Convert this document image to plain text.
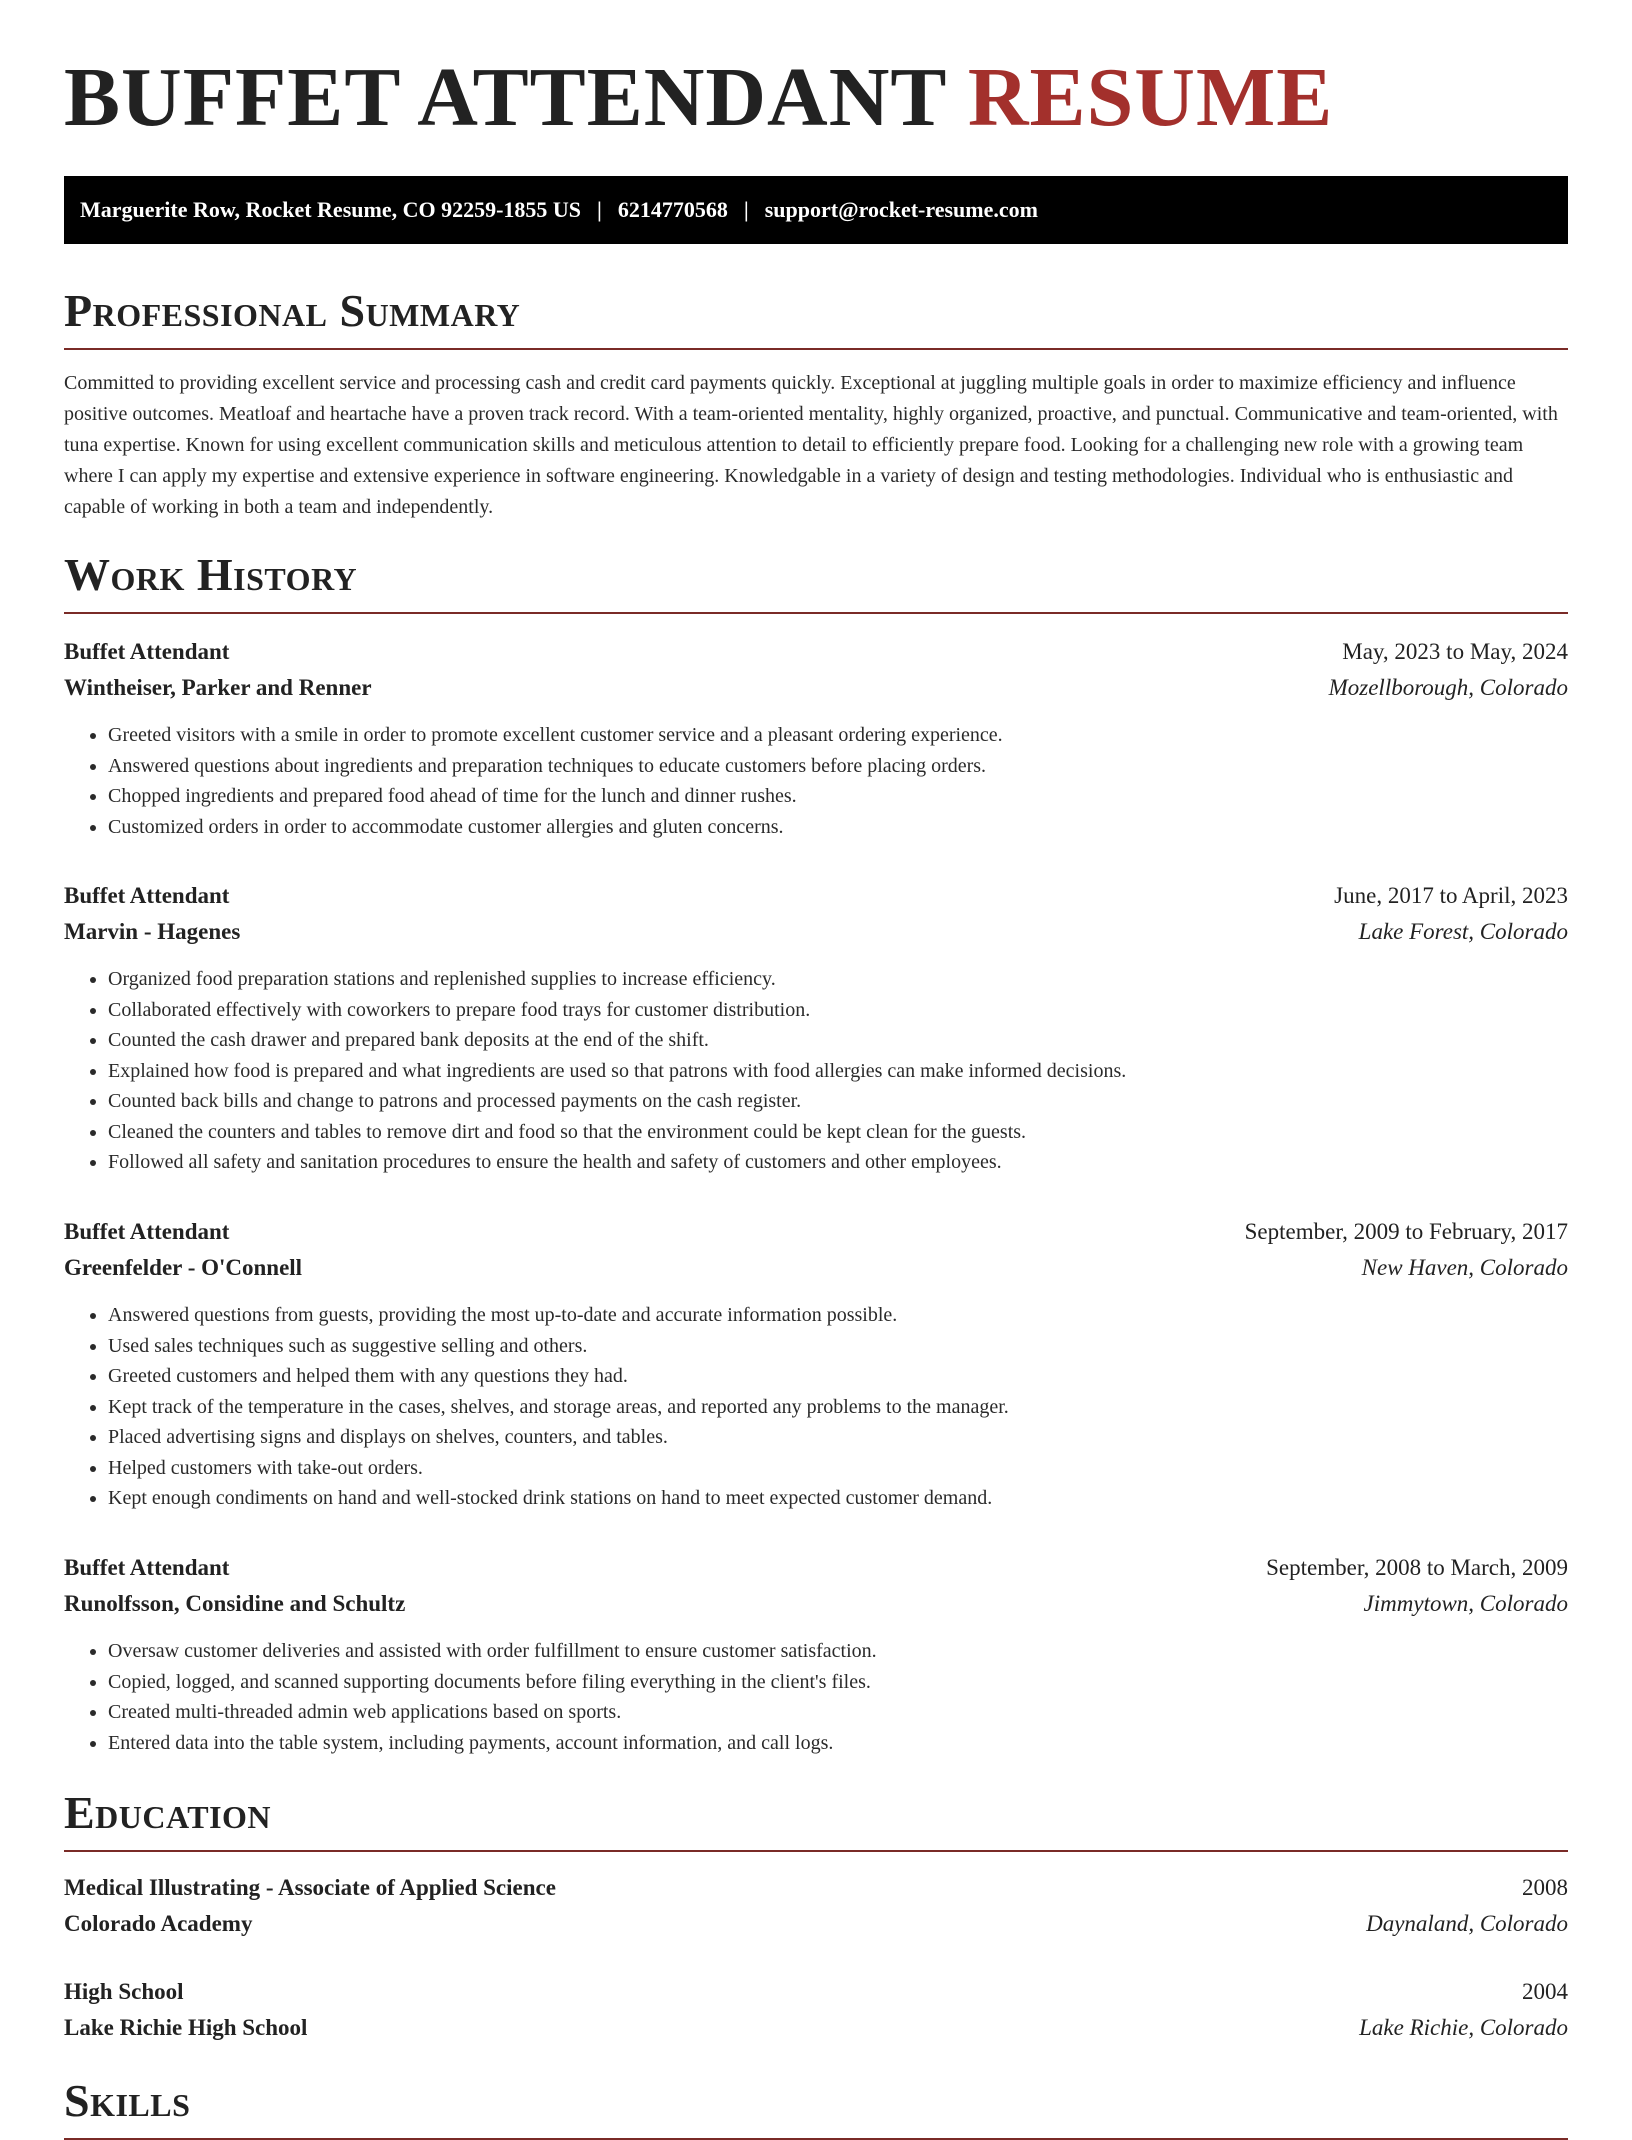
BUFFET ATTENDANT RESUME
Marguerite Row, Rocket Resume, CO 92259-1855 US | 6214770568 | support@rocket-resume.com
Professional Summary

Committed to providing excellent service and processing cash and credit card payments quickly. Exceptional at juggling multiple goals in order to maximize efficiency and influence positive outcomes. Meatloaf and heartache have a proven track record. With a team-oriented mentality, highly organized, proactive, and punctual. Communicative and team-oriented, with tuna expertise. Known for using excellent communication skills and meticulous attention to detail to efficiently prepare food. Looking for a challenging new role with a growing team where I can apply my expertise and extensive experience in software engineering. Knowledgable in a variety of design and testing methodologies. Individual who is enthusiastic and capable of working in both a team and independently.

Work History
Buffet Attendant	May, 2023 to May, 2024
Wintheiser, Parker and Renner	Mozellborough, Colorado
• Greeted visitors with a smile in order to promote excellent customer service and a pleasant ordering experience.
• Answered questions about ingredients and preparation techniques to educate customers before placing orders.
• Chopped ingredients and prepared food ahead of time for the lunch and dinner rushes.
• Customized orders in order to accommodate customer allergies and gluten concerns.
Buffet Attendant	June, 2017 to April, 2023
Marvin - Hagenes	Lake Forest, Colorado
• Organized food preparation stations and replenished supplies to increase efficiency.
• Collaborated effectively with coworkers to prepare food trays for customer distribution.
• Counted the cash drawer and prepared bank deposits at the end of the shift.
• Explained how food is prepared and what ingredients are used so that patrons with food allergies can make informed decisions.
• Counted back bills and change to patrons and processed payments on the cash register.
• Cleaned the counters and tables to remove dirt and food so that the environment could be kept clean for the guests.
• Followed all safety and sanitation procedures to ensure the health and safety of customers and other employees.
Buffet Attendant	September, 2009 to February, 2017
Greenfelder - O'Connell	New Haven, Colorado
• Answered questions from guests, providing the most up-to-date and accurate information possible.
• Used sales techniques such as suggestive selling and others.
• Greeted customers and helped them with any questions they had.
• Kept track of the temperature in the cases, shelves, and storage areas, and reported any problems to the manager.
• Placed advertising signs and displays on shelves, counters, and tables.
• Helped customers with take-out orders.
• Kept enough condiments on hand and well-stocked drink stations on hand to meet expected customer demand.
Buffet Attendant	September, 2008 to March, 2009
Runolfsson, Considine and Schultz	Jimmytown, Colorado
• Oversaw customer deliveries and assisted with order fulfillment to ensure customer satisfaction.
• Copied, logged, and scanned supporting documents before filing everything in the client's files.
• Created multi-threaded admin web applications based on sports.
• Entered data into the table system, including payments, account information, and call logs.
Education
Medical Illustrating - Associate of Applied Science	2008
Colorado Academy	Daynaland, Colorado
High School	2004
Lake Richie High School	Lake Richie, Colorado
Skills
